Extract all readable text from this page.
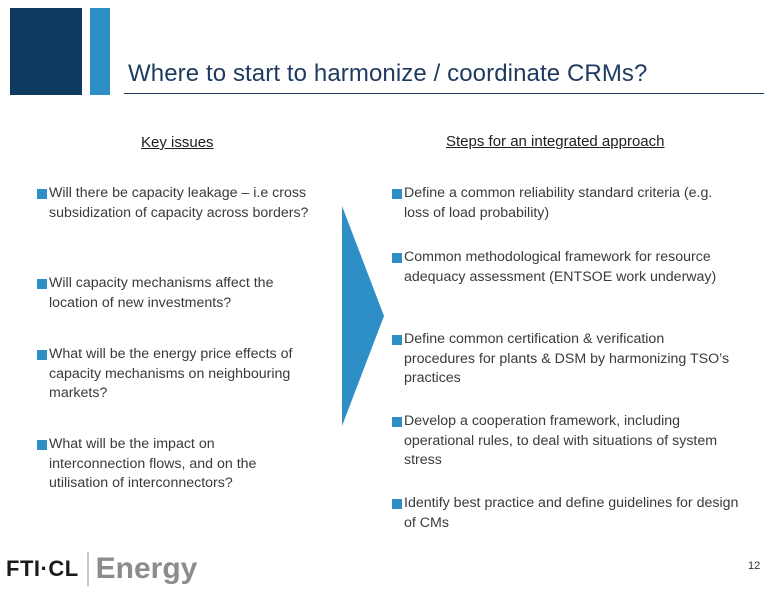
Where to start to harmonize / coordinate CRMs?
Key issues	Steps for an integrated approach
Will there be capacity leakage – i.e cross subsidization of capacity across borders?
Will capacity mechanisms affect the location of new investments?
What will be the energy price effects of capacity mechanisms on neighbouring markets?
What will be the impact on interconnection flows, and on the utilisation of interconnectors?
Define a common reliability standard criteria (e.g. loss of load probability)
Common methodological framework for resource adequacy assessment (ENTSOE work underway)
Define common certification & verification procedures for plants & DSM by harmonizing TSO’s practices
Develop a cooperation framework, including operational rules, to deal with situations of system stress
Identify best practice and define guidelines for design of CMs
FTI·CL Energy	12
